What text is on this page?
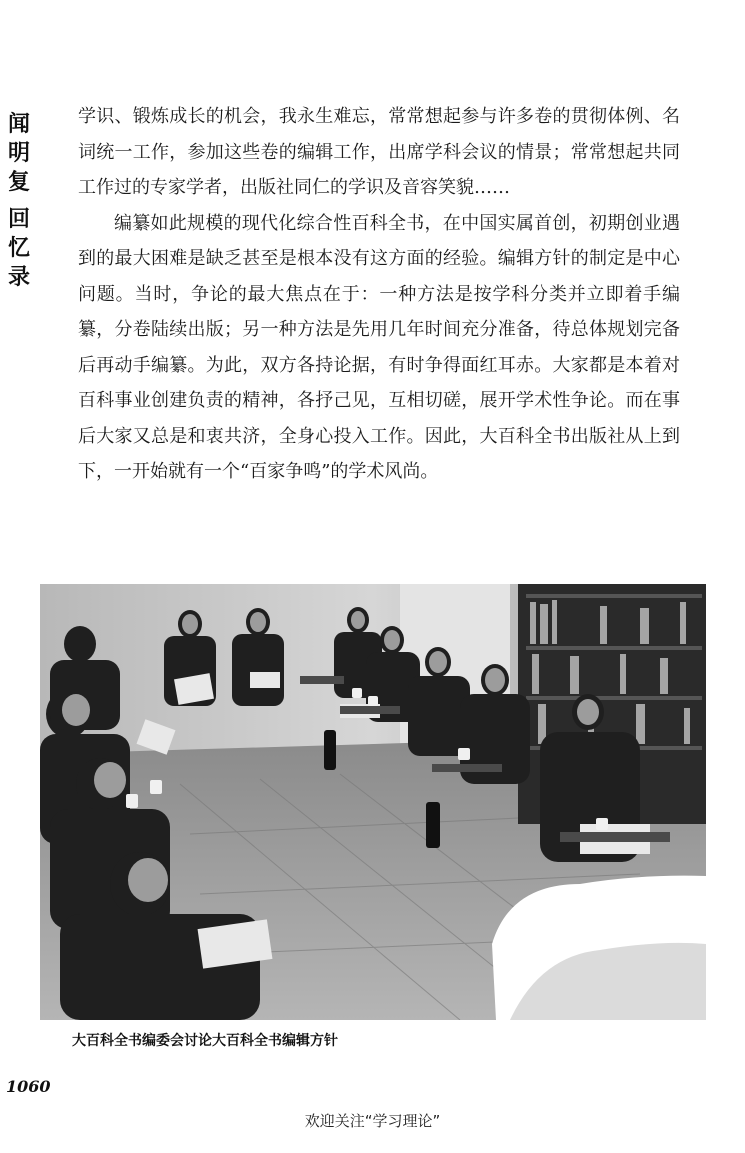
闻明复
回忆录

学识、锻炼成长的机会，我永生难忘，常常想起参与许多卷的贯彻体例、名词统一工作，参加这些卷的编辑工作，出席学科会议的情景；常常想起共同工作过的专家学者，出版社同仁的学识及音容笑貌……

编纂如此规模的现代化综合性百科全书，在中国实属首创，初期创业遇到的最大困难是缺乏甚至是根本没有这方面的经验。编辑方针的制定是中心问题。当时，争论的最大焦点在于：一种方法是按学科分类并立即着手编纂，分卷陆续出版；另一种方法是先用几年时间充分准备，待总体规划完备后再动手编纂。为此，双方各持论据，有时争得面红耳赤。大家都是本着对百科事业创建负责的精神，各抒己见，互相切磋，展开学术性争论。而在事后大家又总是和衷共济，全身心投入工作。因此，大百科全书出版社从上到下，一开始就有一个“百家争鸣”的学术风尚。

大百科全书编委会讨论大百科全书编辑方针
1060
欢迎关注“学习理论”
